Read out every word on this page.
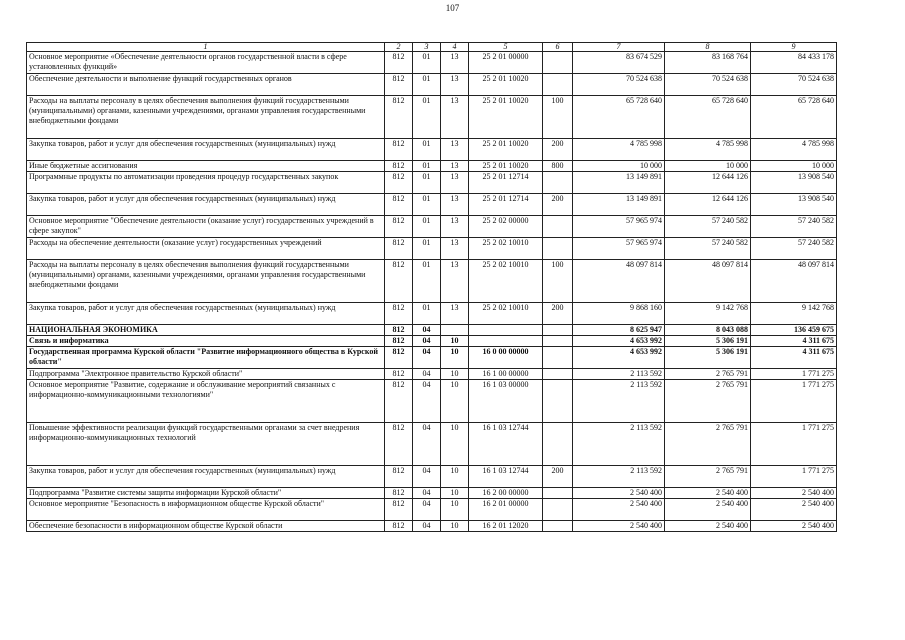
107
1	2	3	4	5	6	7	8	9
Основное мероприятие «Обеспечение деятельности органов государственной власти в сфере установленных функций»	812	01	13	25 2 01 00000		83 674 529	83 168 764	84 433 178
Обеспечение деятельности и выполнение функций государственных органов	812	01	13	25 2 01 10020		70 524 638	70 524 638	70 524 638
Расходы на выплаты персоналу в целях обеспечения выполнения функций государственными (муниципальными) органами, казенными учреждениями, органами управления государственными внебюджетными фондами	812	01	13	25 2 01 10020	100	65 728 640	65 728 640	65 728 640
Закупка товаров, работ и услуг для обеспечения государственных (муниципальных) нужд	812	01	13	25 2 01 10020	200	4 785 998	4 785 998	4 785 998
Иные бюджетные ассигнования	812	01	13	25 2 01 10020	800	10 000	10 000	10 000
Программные продукты по автоматизации проведения процедур государственных закупок	812	01	13	25 2 01 12714		13 149 891	12 644 126	13 908 540
Закупка товаров, работ и услуг для обеспечения государственных (муниципальных) нужд	812	01	13	25 2 01 12714	200	13 149 891	12 644 126	13 908 540
Основное мероприятие "Обеспечение деятельности (оказание услуг) государственных учреждений в сфере закупок"	812	01	13	25 2 02 00000		57 965 974	57 240 582	57 240 582
Расходы на обеспечение деятельности (оказание услуг) государственных учреждений	812	01	13	25 2 02 10010		57 965 974	57 240 582	57 240 582
Расходы на выплаты персоналу в целях обеспечения выполнения функций государственными (муниципальными) органами, казенными учреждениями, органами управления государственными внебюджетными фондами	812	01	13	25 2 02 10010	100	48 097 814	48 097 814	48 097 814
Закупка товаров, работ и услуг для обеспечения государственных (муниципальных) нужд	812	01	13	25 2 02 10010	200	9 868 160	9 142 768	9 142 768
НАЦИОНАЛЬНАЯ ЭКОНОМИКА	812	04				8 625 947	8 043 088	136 459 675
Связь и информатика	812	04	10			4 653 992	5 306 191	4 311 675
Государственная программа Курской области "Развитие информационного общества в Курской области"	812	04	10	16 0 00 00000		4 653 992	5 306 191	4 311 675
Подпрограмма "Электронное правительство Курской области"	812	04	10	16 1 00 00000		2 113 592	2 765 791	1 771 275
Основное мероприятие "Развитие, содержание и обслуживание мероприятий связанных с информационно-коммуникационными технологиями"	812	04	10	16 1 03 00000		2 113 592	2 765 791	1 771 275
Повышение эффективности реализации функций государственными органами за счет внедрения информационно-коммуникационных технологий	812	04	10	16 1 03 12744		2 113 592	2 765 791	1 771 275
Закупка товаров, работ и услуг для обеспечения государственных (муниципальных) нужд	812	04	10	16 1 03 12744	200	2 113 592	2 765 791	1 771 275
Подпрограмма "Развитие системы защиты информации Курской области"	812	04	10	16 2 00 00000		2 540 400	2 540 400	2 540 400
Основное мероприятие "Безопасность в информационном обществе Курской области"	812	04	10	16 2 01 00000		2 540 400	2 540 400	2 540 400
Обеспечение безопасности в информационном обществе Курской области	812	04	10	16 2 01 12020		2 540 400	2 540 400	2 540 400
